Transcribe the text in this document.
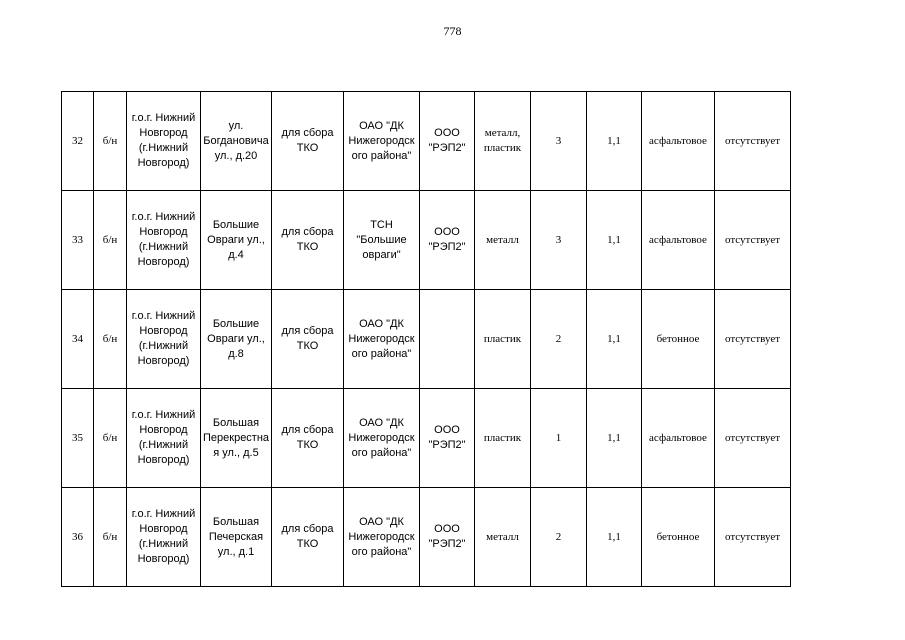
778
32	б/н	г.о.г. Нижний Новгород (г.Нижний Новгород)	ул. Богдановича ул., д.20	для сбора ТКО	ОАО "ДК Нижегородск ого района"	ООО "РЭП2"	металл, пластик	3	1,1	асфальтовое	отсутствует
33	б/н	г.о.г. Нижний Новгород (г.Нижний Новгород)	Большие Овраги ул., д.4	для сбора ТКО	ТСН "Большие овраги"	ООО "РЭП2"	металл	3	1,1	асфальтовое	отсутствует
34	б/н	г.о.г. Нижний Новгород (г.Нижний Новгород)	Большие Овраги ул., д.8	для сбора ТКО	ОАО "ДК Нижегородск ого района"		пластик	2	1,1	бетонное	отсутствует
35	б/н	г.о.г. Нижний Новгород (г.Нижний Новгород)	Большая Перекрестна я ул., д.5	для сбора ТКО	ОАО "ДК Нижегородск ого района"	ООО "РЭП2"	пластик	1	1,1	асфальтовое	отсутствует
36	б/н	г.о.г. Нижний Новгород (г.Нижний Новгород)	Большая Печерская ул., д.1	для сбора ТКО	ОАО "ДК Нижегородск ого района"	ООО "РЭП2"	металл	2	1,1	бетонное	отсутствует
